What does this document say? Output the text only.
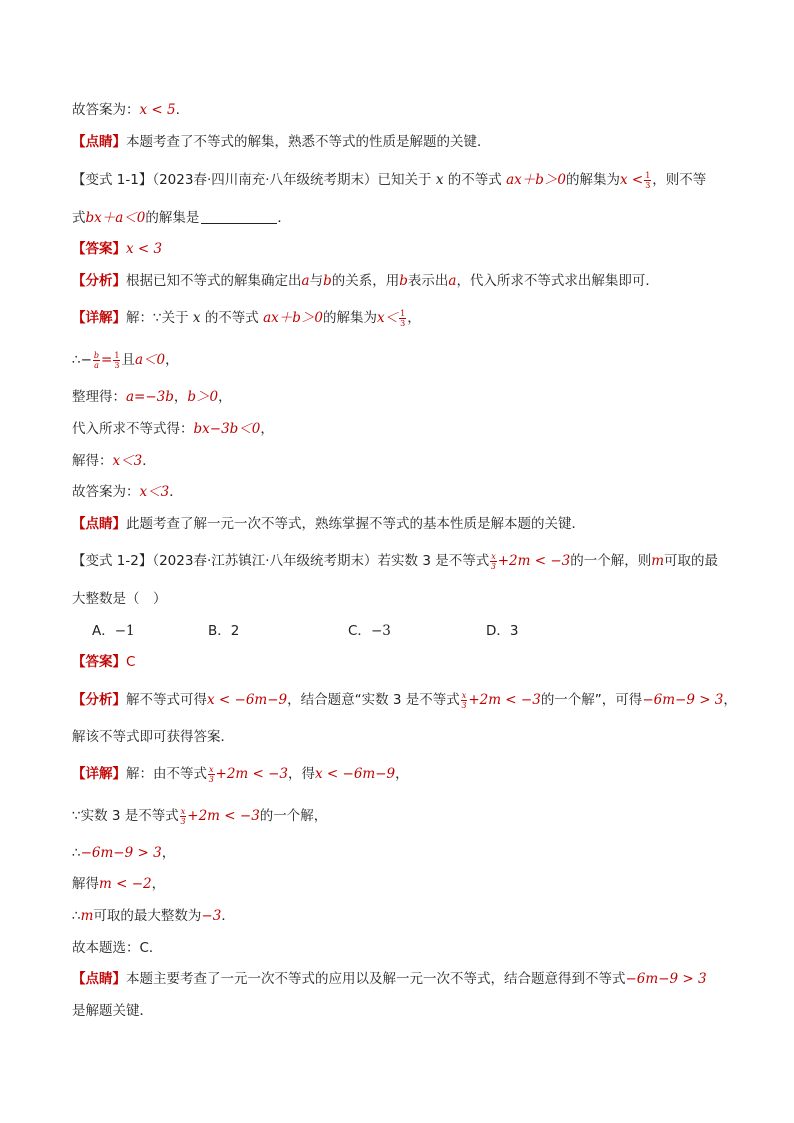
故答案为：x < 5.
【点睛】本题考查了不等式的解集，熟悉不等式的性质是解题的关键．
【变式 1-1】（2023春·四川南充·八年级统考期末）已知关于 x 的不等式 ax＋b＞0的解集为$x < \frac{1}{3}$ ，则不等
式bx＋a＜0的解集是	．
【答案】x < 3
【分析】根据已知不等式的解集确定出a与b的关系，用b表示出a，代入所求不等式求出解集即可．
【详解】解：∵关于 x 的不等式 ax＋b＞0的解集为$x< \frac{1}{3}$ ，
∴− $\frac{b}{a} = \frac{1}{3}$ 且a＜0，
整理得：a=−3b，b＞0，
代入所求不等式得：bx−3b＜0，
解得：x＜3．
故答案为：x＜3．
【点睛】此题考查了解一元一次不等式，熟练掌握不等式的基本性质是解本题的关键．
【变式 1-2】（2023春·江苏镇江·八年级统考期末）若实数 3 是不等式 $\frac{x}{3} +2m < -3$的一个解，则m可取的最
大整数是（　）
A．−1	B．2	C．−3	D．3
【答案】C
【分析】解不等式可得x < −6m−9，结合题意“实数 3 是不等式 $\frac{x}{3} +2m < -3$的一个解”，可得−6m−9 > 3，
解该不等式即可获得答案．
【详解】解：由不等式 $\frac{x}{3} +2m < -3$，得x < −6m−9，
∵实数 3 是不等式 $\frac{x}{3} +2m < -3$的一个解，
∴−6m−9 > 3，
解得m < −2，
∴m可取的最大整数为−3．
故本题选：C．
【点睛】本题主要考查了一元一次不等式的应用以及解一元一次不等式，结合题意得到不等式−6m−9 > 3
是解题关键．
